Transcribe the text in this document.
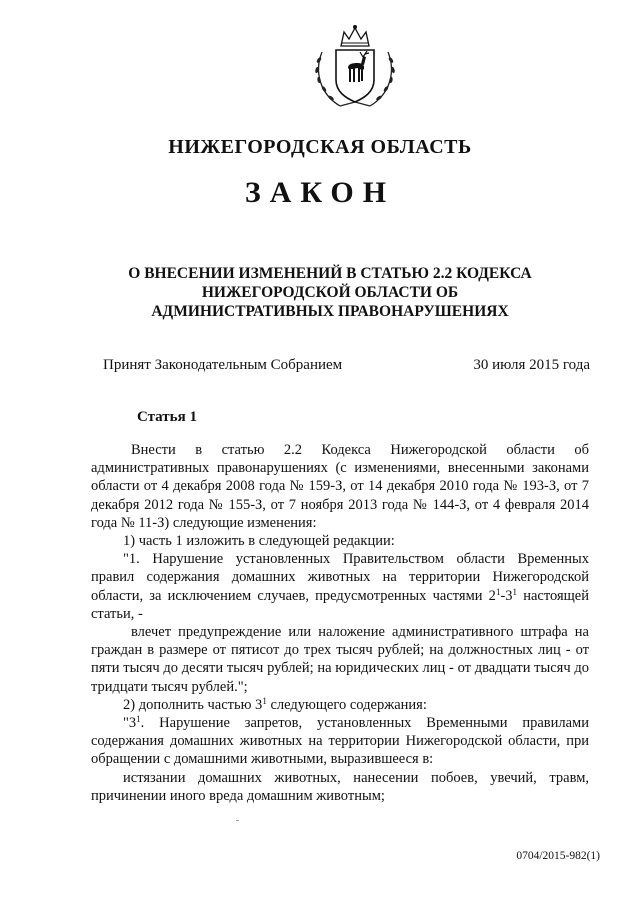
НИЖЕГОРОДСКАЯ ОБЛАСТЬ
ЗАКОН
О ВНЕСЕНИИ ИЗМЕНЕНИЙ В СТАТЬЮ 2.2 КОДЕКСА НИЖЕГОРОДСКОЙ ОБЛАСТИ ОБ АДМИНИСТРАТИВНЫХ ПРАВОНАРУШЕНИЯХ
Принят Законодательным Собранием	30 июля 2015 года
Статья 1

Внести в статью 2.2 Кодекса Нижегородской области об административных правонарушениях (с изменениями, внесенными законами области от 4 декабря 2008 года № 159-З, от 14 декабря 2010 года № 193-З, от 7 декабря 2012 года № 155-З, от 7 ноября 2013 года № 144-З, от 4 февраля 2014 года № 11-З) следующие изменения:

1) часть 1 изложить в следующей редакции:

"1. Нарушение установленных Правительством области Временных правил содержания домашних животных на территории Нижегородской области, за исключением случаев, предусмотренных частями $2^1-3^1$ настоящей статьи, -

влечет предупреждение или наложение административного штрафа на граждан в размере от пятисот до трех тысяч рублей; на должностных лиц - от пяти тысяч до десяти тысяч рублей; на юридических лиц - от двадцати тысяч до тридцати тысяч рублей.";

2) дополнить частью $3^1$ следующего содержания:

"$3^1$. Нарушение запретов, установленных Временными правилами содержания домашних животных на территории Нижегородской области, при обращении с домашними животными, выразившееся в:

истязании домашних животных, нанесении побоев, увечий, травм, причинении иного вреда домашним животным;

0704/2015-982(1)
